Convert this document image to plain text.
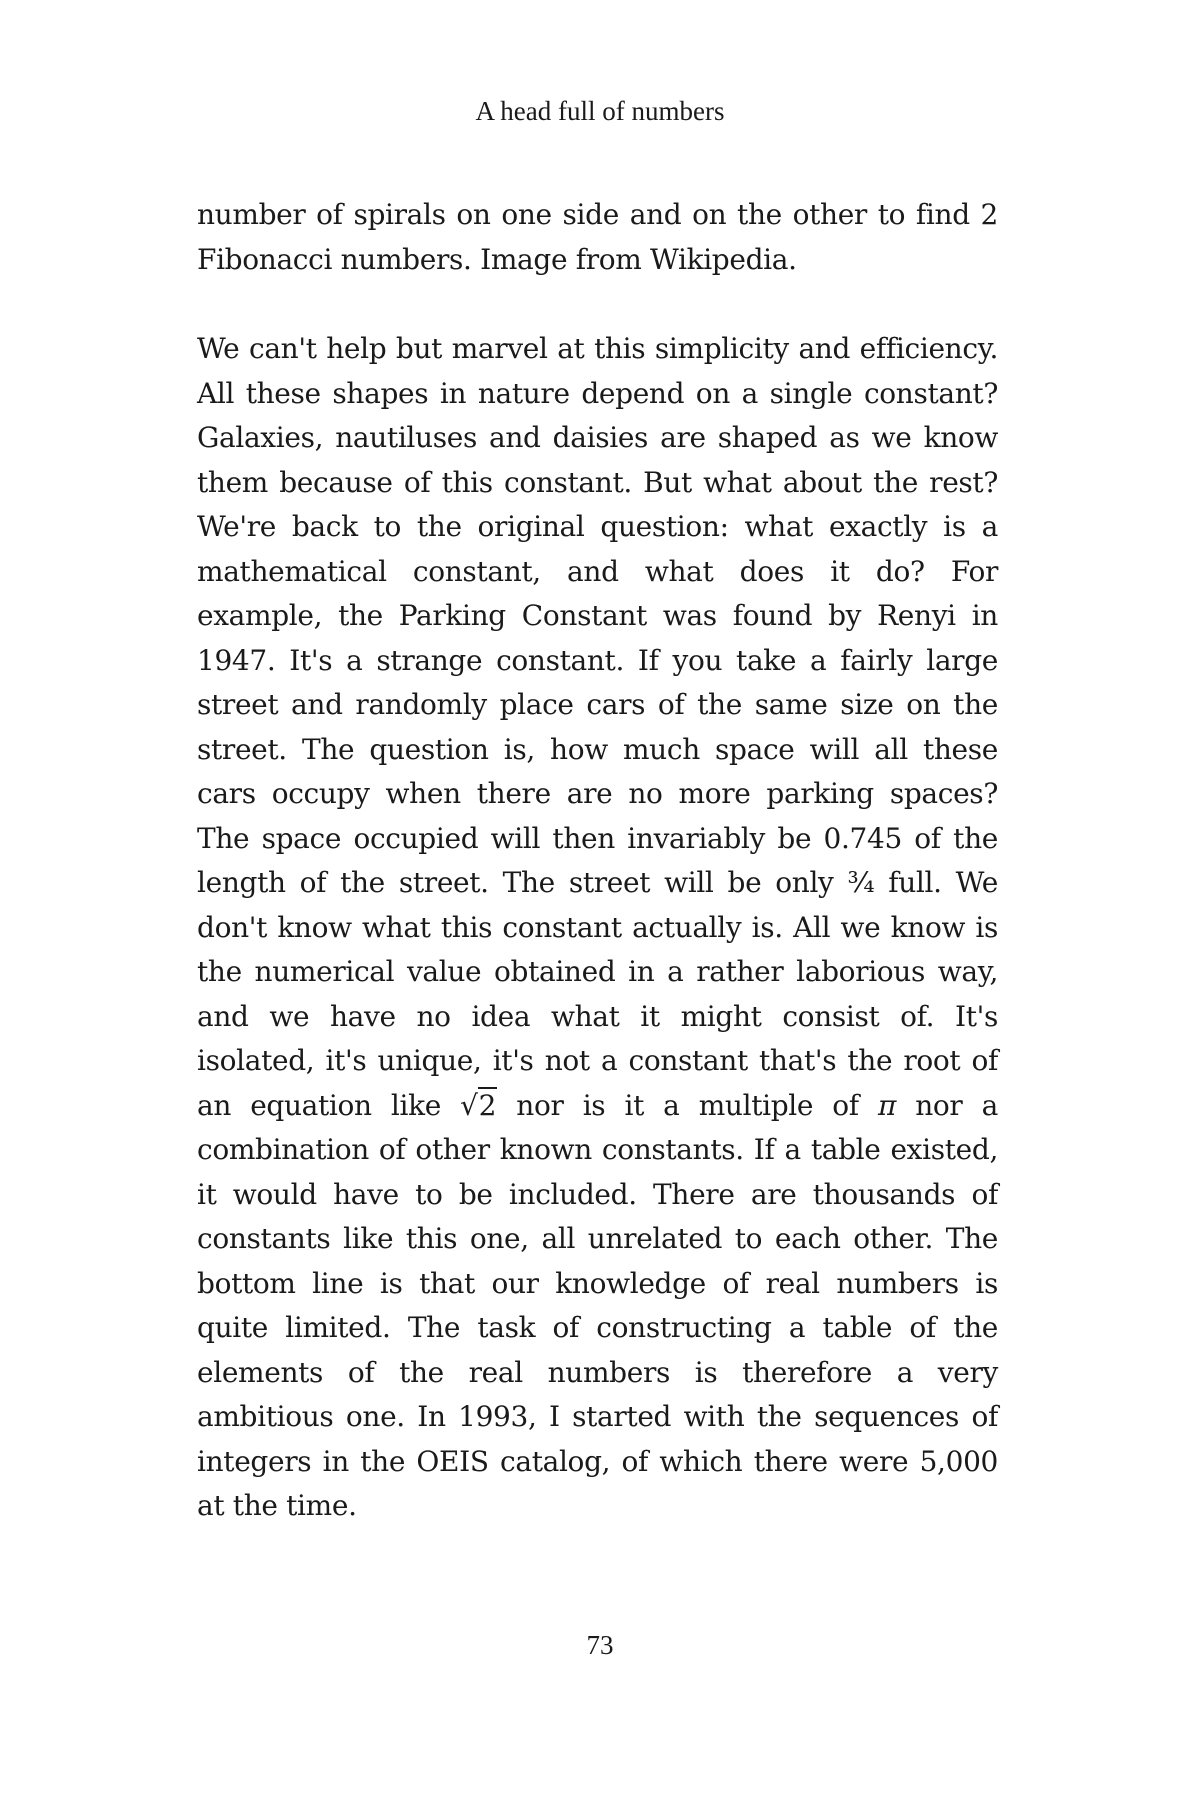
A head full of numbers

number of spirals on one side and on the other to find 2 Fibonacci numbers. Image from Wikipedia.

We can't help but marvel at this simplicity and efficiency. All these shapes in nature depend on a single constant? Galaxies, nautiluses and daisies are shaped as we know them because of this constant. But what about the rest? We're back to the original question: what exactly is a mathematical constant, and what does it do? For example, the Parking Constant was found by Renyi in 1947. It's a strange constant. If you take a fairly large street and randomly place cars of the same size on the street. The question is, how much space will all these cars occupy when there are no more parking spaces? The space occupied will then invariably be 0.745 of the length of the street. The street will be only ¾ full. We don't know what this constant actually is. All we know is the numerical value obtained in a rather laborious way, and we have no idea what it might consist of. It's isolated, it's unique, it's not a constant that's the root of an equation like √2 nor is it a multiple of π nor a combination of other known constants. If a table existed, it would have to be included. There are thousands of constants like this one, all unrelated to each other. The bottom line is that our knowledge of real numbers is quite limited. The task of constructing a table of the elements of the real numbers is therefore a very ambitious one. In 1993, I started with the sequences of integers in the OEIS catalog, of which there were 5,000 at the time.

73
